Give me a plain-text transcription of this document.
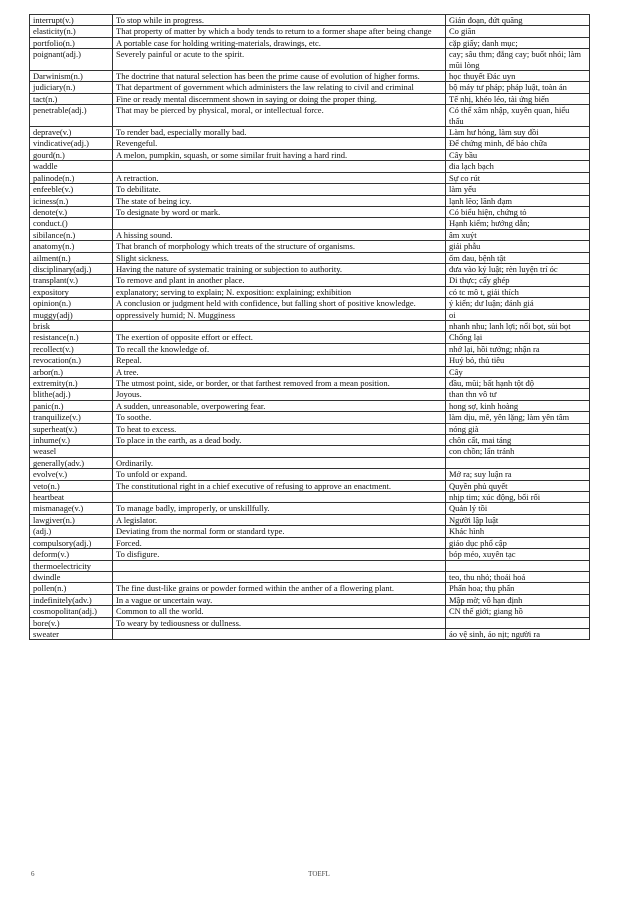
interrupt(v.)	To stop while in progress.	Gián đoạn, đứt quãng
elasticity(n.)	That property of matter by which a body tends to return to a former shape after being change	Co giãn
portfolio(n.)	A portable case for holding writing-materials, drawings, etc.	cặp giấy; danh mục;
poignant(adj.)	Severely painful or acute to the spirit.	cay; sâu thm; đắng cay; buốt nhói; làm mũi lòng
Darwinism(n.)	The doctrine that natural selection has been the prime cause of evolution of higher forms.	học thuyết Đác uyn
judiciary(n.)	That department of government which administers the law relating to civil and criminal	bộ máy tư pháp; pháp luật, toàn án
tact(n.)	Fine or ready mental discernment shown in saying or doing the proper thing.	Tế nhị, khéo léo, tài ứng biến
penetrable(adj.)	That may be pierced by physical, moral, or intellectual force.	Có thể xâm nhập, xuyên quan, hiểu thấu
deprave(v.)	To render bad, especially morally bad.	Làm hư hỏng, làm suy đồi
vindicative(adj.)	Revengeful.	Để chứng minh, để bảo chữa
gourd(n.)	A melon, pumpkin, squash, or some similar fruit having a hard rind.	Cây bầu
waddle		đia lạch bạch
palinode(n.)	A retraction.	Sự co rút
enfeeble(v.)	To debilitate.	làm yếu
iciness(n.)	The state of being icy.	lạnh lẽo; lãnh đạm
denote(v.)	To designate by word or mark.	Có biểu hiện, chứng tỏ
conduct.()		Hạnh kiểm; hướng dẫn;
sibilance(n.)	A hissing sound.	âm xuýt
anatomy(n.)	That branch of morphology which treats of the structure of organisms.	giải phẫu
ailment(n.)	Slight sickness.	ốm đau, bệnh tật
disciplinary(adj.)	Having the nature of systematic training or subjection to authority.	đưa vào kỷ luật; rèn luyện trí óc
transplant(v.)	To remove and plant in another place.	Di thực; cấy ghép
expository	explanatory; serving to explain; N. exposition: explaining; exhibition	có tc mô t, giải thích
opinion(n.)	A conclusion or judgment held with confidence, but falling short of positive knowledge.	ý kiến; dư luận; đánh giá
muggy(adj)	oppressively humid; N. Mugginess	oi
brisk		nhanh nhu; lanh lợi; nổi bọt, sủi bọt
resistance(n.)	The exertion of opposite effort or effect.	Chống lại
recollect(v.)	To recall the knowledge of.	nhớ lại, hồi tưởng; nhận ra
revocation(n.)	Repeal.	Huỷ bỏ, thủ tiêu
arbor(n.)	A tree.	Cây
extremity(n.)	The utmost point, side, or border, or that farthest removed from a mean position.	đầu, mũi; bất hạnh tột độ
blithe(adj.)	Joyous.	than thn vô tư
panic(n.)	A sudden, unreasonable, overpowering fear.	hong sợ, kinh hoàng
tranquilize(v.)	To soothe.	làm dịu, mê, yên lặng; làm yên tâm
superheat(v.)	To heat to excess.	nóng già
inhume(v.)	To place in the earth, as a dead body.	chôn cất, mai táng
weasel		con chồn; lẩn tránh
generally(adv.)	Ordinarily.	
evolve(v.)	To unfold or expand.	Mở ra; suy luận ra
veto(n.)	The constitutional right in a chief executive of refusing to approve an enactment.	Quyền phủ quyết
heartbeat		nhịp tim; xúc động, bối rối
mismanage(v.)	To manage badly, improperly, or unskillfully.	Quản lý tồi
lawgiver(n.)	A legislator.	Người lập luật
(adj.)	Deviating from the normal form or standard type.	Khác hình
compulsory(adj.)	Forced.	giáo dục phổ cập
deform(v.)	To disfigure.	bóp méo, xuyên tạc
thermoelectricity		
dwindle		teo, thu nhỏ; thoái hoá
pollen(n.)	The fine dust-like grains or powder formed within the anther of a flowering plant.	Phấn hoa; thụ phấn
indefinitely(adv.)	In a vague or uncertain way.	Mập mờ; vô hạn định
cosmopolitan(adj.)	Common to all the world.	CN thế giới; giang hồ
bore(v.)	To weary by tediousness or dullness.	
sweater		áo vệ sinh, áo nịt; người ra
6	TOEFL
